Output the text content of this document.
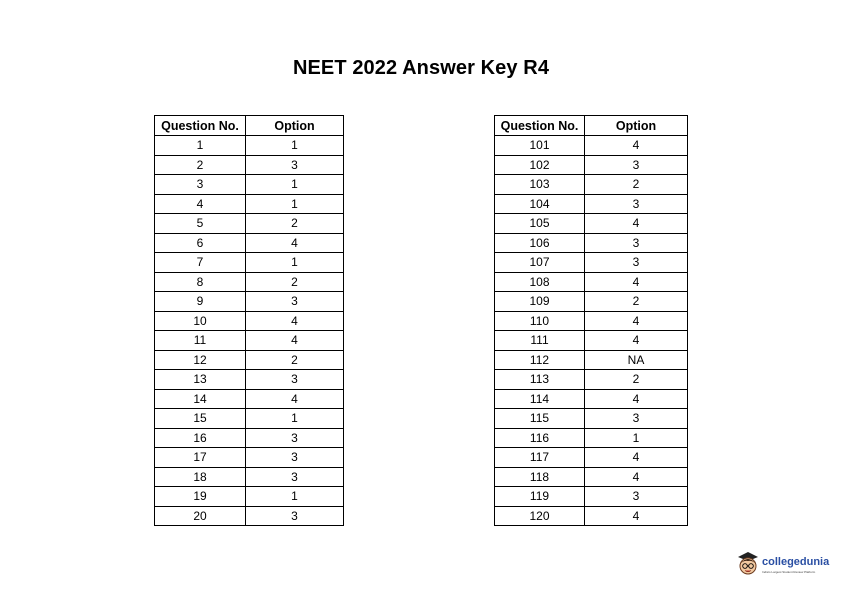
NEET 2022 Answer Key R4
Question No.	Option
1	1
2	3
3	1
4	1
5	2
6	4
7	1
8	2
9	3
10	4
11	4
12	2
13	3
14	4
15	1
16	3
17	3
18	3
19	1
20	3
Question No.	Option
101	4
102	3
103	2
104	3
105	4
106	3
107	3
108	4
109	2
110	4
111	4
112	NA
113	2
114	4
115	3
116	1
117	4
118	4
119	3
120	4
collegedunia
India's Largest Student Review Platform
